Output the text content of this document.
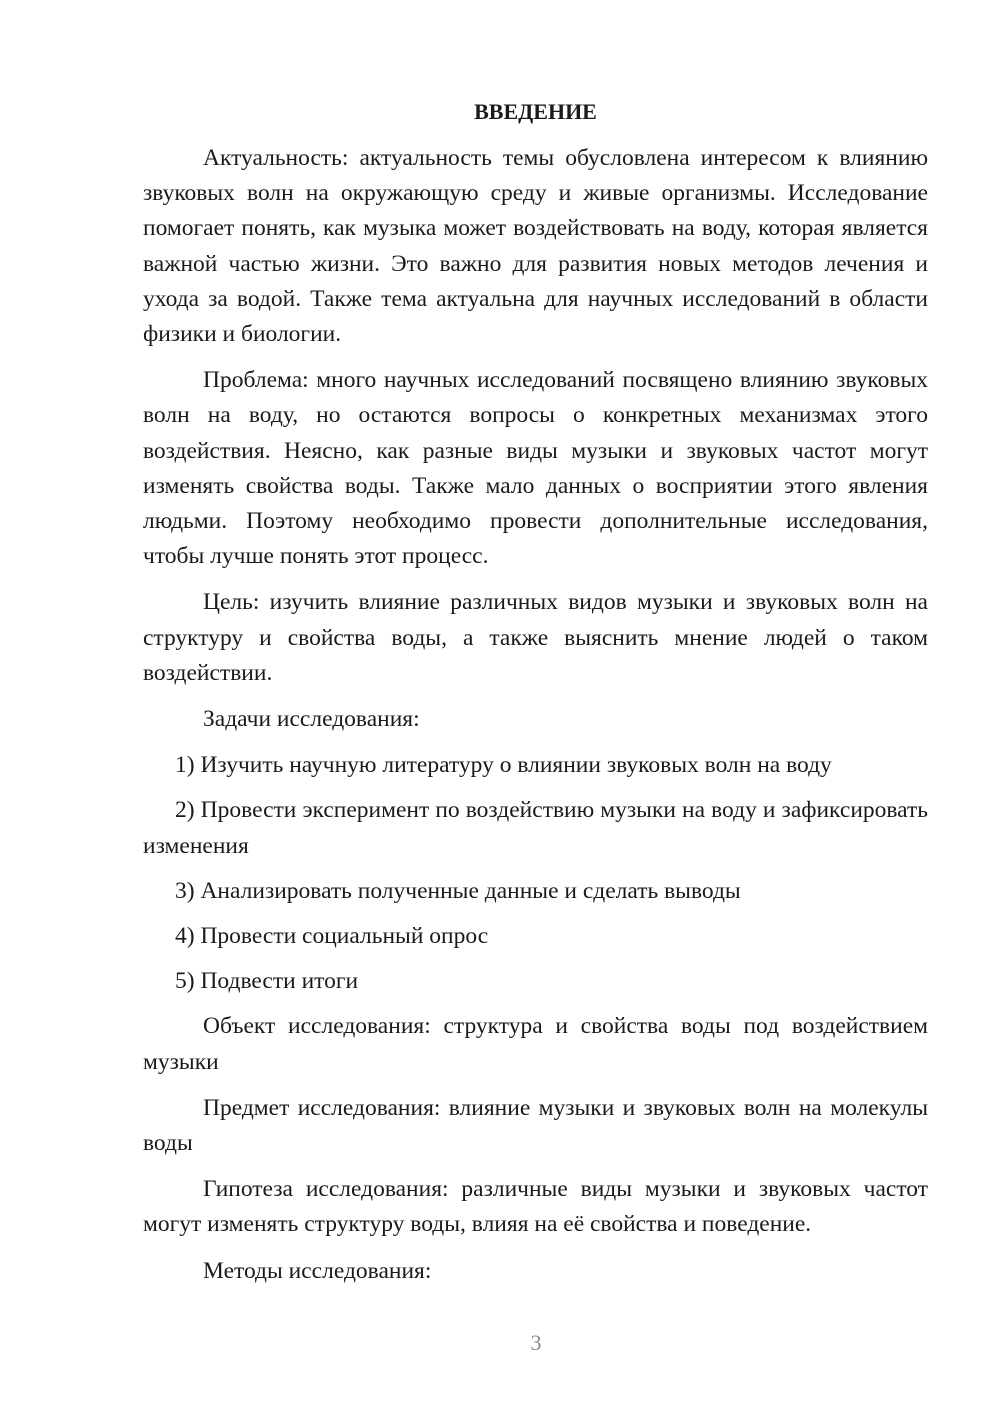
ВВЕДЕНИЕ

Актуальность: актуальность темы обусловлена интересом к влиянию звуковых волн на окружающую среду и живые организмы. Исследование помогает понять, как музыка может воздействовать на воду, которая является важной частью жизни. Это важно для развития новых методов лечения и ухода за водой. Также тема актуальна для научных исследований в области физики и биологии.

Проблема: много научных исследований посвящено влиянию звуковых волн на воду, но остаются вопросы о конкретных механизмах этого воздействия. Неясно, как разные виды музыки и звуковых частот могут изменять свойства воды. Также мало данных о восприятии этого явления людьми. Поэтому необходимо провести дополнительные исследования, чтобы лучше понять этот процесс.

Цель: изучить влияние различных видов музыки и звуковых волн на структуру и свойства воды, а также выяснить мнение людей о таком воздействии.

Задачи исследования:

1) Изучить научную литературу о влиянии звуковых волн на воду

2) Провести эксперимент по воздействию музыки на воду и зафиксировать изменения

3) Анализировать полученные данные и сделать выводы

4) Провести социальный опрос

5) Подвести итоги

Объект исследования: структура и свойства воды под воздействием музыки

Предмет исследования: влияние музыки и звуковых волн на молекулы воды

Гипотеза исследования: различные виды музыки и звуковых частот могут изменять структуру воды, влияя на её свойства и поведение.

Методы исследования:

3
